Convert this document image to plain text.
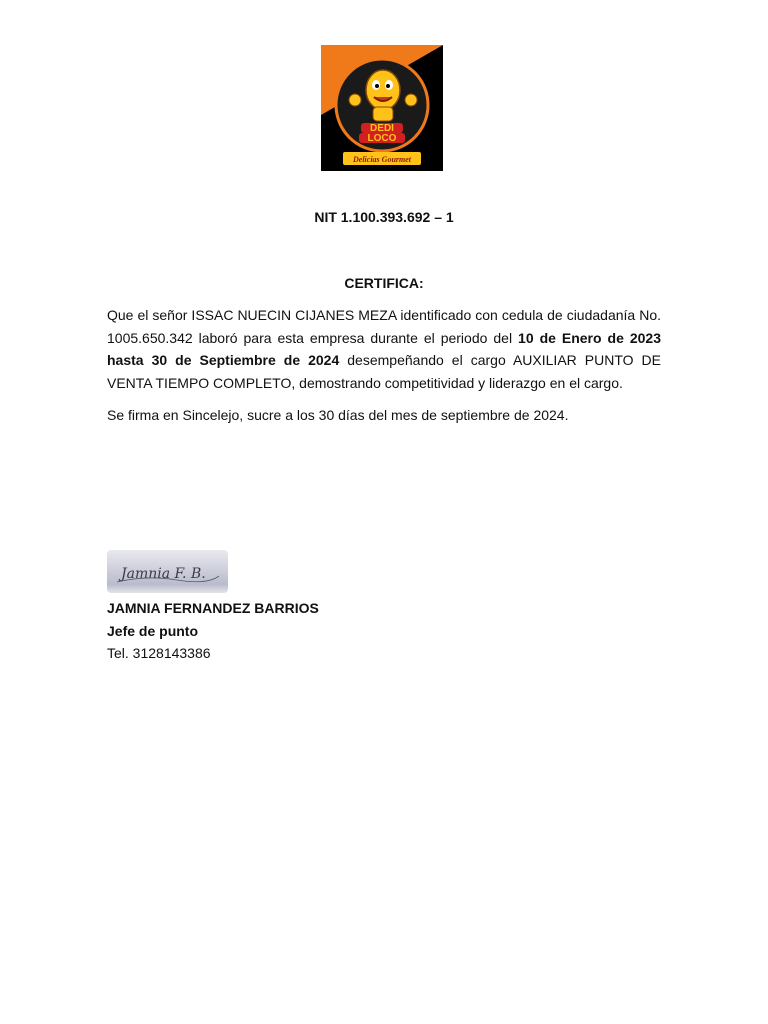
DEDI
LOCO
Delicias Gourmet
NIT 1.100.393.692 – 1
CERTIFICA:

Que el señor ISSAC NUECIN CIJANES MEZA identificado con cedula de ciudadanía No. 1005.650.342 laboró para esta empresa durante el periodo del 10 de Enero de 2023 hasta 30 de Septiembre de 2024 desempeñando el cargo AUXILIAR PUNTO DE VENTA TIEMPO COMPLETO, demostrando competitividad y liderazgo en el cargo.

Se firma en Sincelejo, sucre a los 30 días del mes de septiembre de 2024.

Jamnia F. B.
JAMNIA FERNANDEZ BARRIOS
Jefe de punto
Tel. 3128143386
